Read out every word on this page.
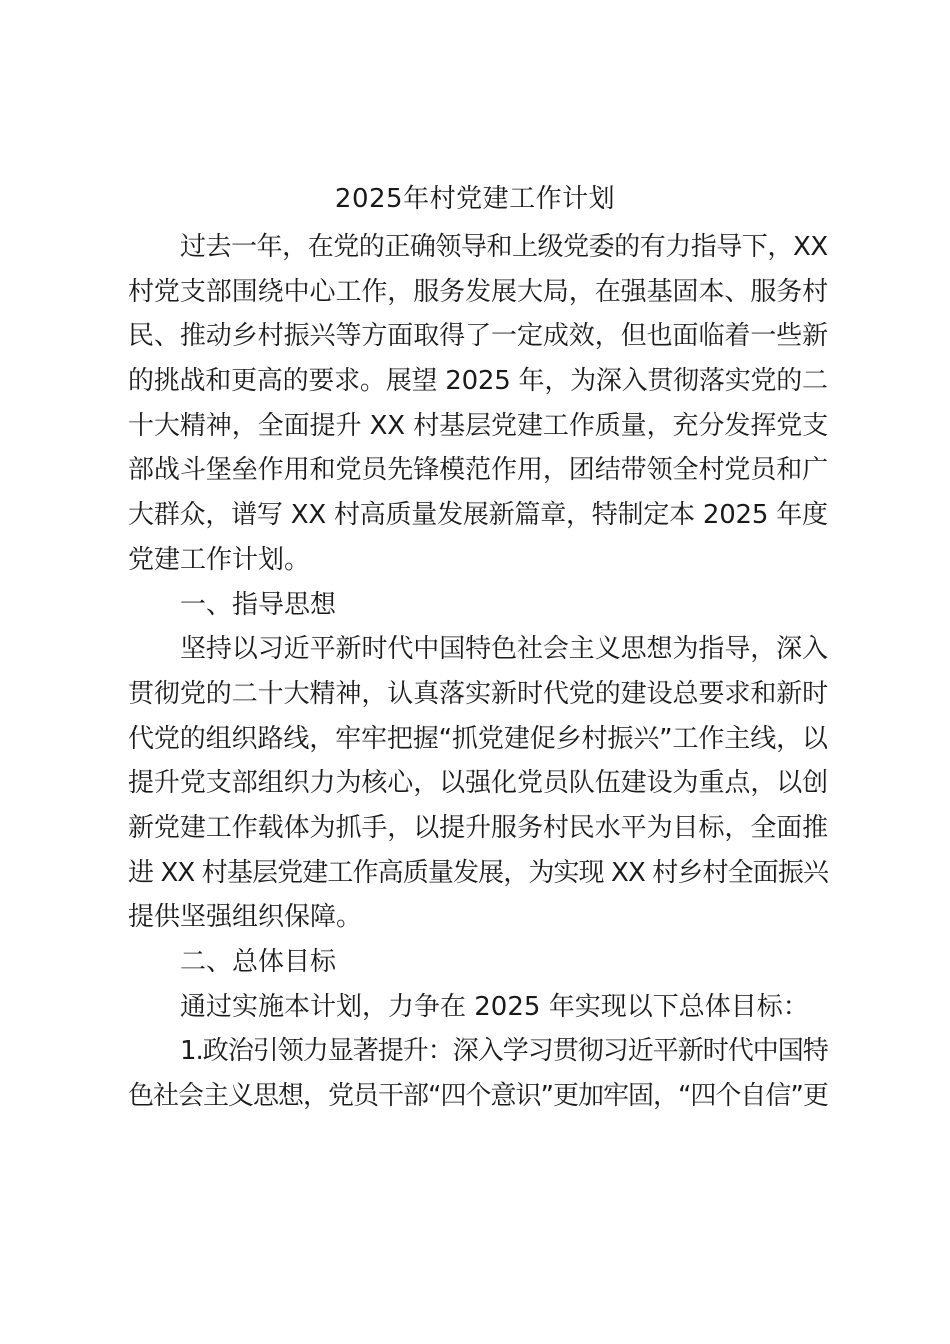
2025年村党建工作计划
过去一年，在党的正确领导和上级党委的有力指导下，XX
村党支部围绕中心工作，服务发展大局，在强基固本、服务村
民、推动乡村振兴等方面取得了一定成效，但也面临着一些新
的挑战和更高的要求。展望 2025 年，为深入贯彻落实党的二
十大精神，全面提升 XX 村基层党建工作质量，充分发挥党支
部战斗堡垒作用和党员先锋模范作用，团结带领全村党员和广
大群众，谱写 XX 村高质量发展新篇章，特制定本 2025 年度
党建工作计划。
一、指导思想
坚持以习近平新时代中国特色社会主义思想为指导，深入
贯彻党的二十大精神，认真落实新时代党的建设总要求和新时
代党的组织路线，牢牢把握“抓党建促乡村振兴”工作主线，以
提升党支部组织力为核心，以强化党员队伍建设为重点，以创
新党建工作载体为抓手，以提升服务村民水平为目标，全面推
进 XX 村基层党建工作高质量发展，为实现 XX 村乡村全面振兴
提供坚强组织保障。
二、总体目标
通过实施本计划，力争在 2025 年实现以下总体目标：
1.政治引领力显著提升：深入学习贯彻习近平新时代中国特
色社会主义思想，党员干部“四个意识”更加牢固，“四个自信”更
